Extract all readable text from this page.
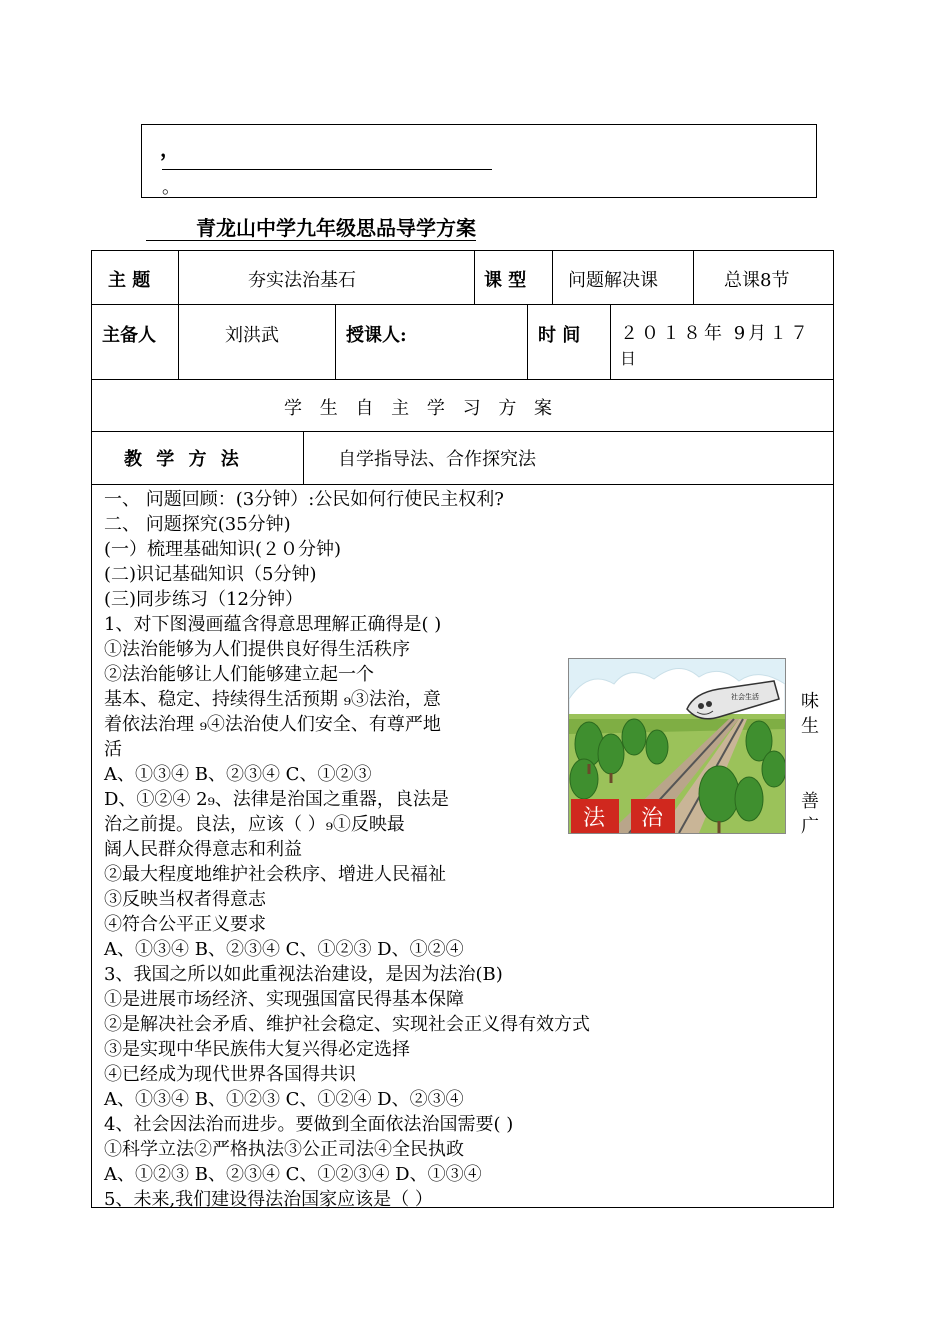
，
。
青龙山中学九年级思品导学方案
主 题	夯实法治基石	课 型 问题解决课	总课8节
主备人	刘洪武	授课人:	时 间 ２０１８年 9月１７
日
学 生 自 主 学 习 方 案
教 学 方 法	自学指导法、合作探究法
一、 问题回顾：(3分钟）:公民如何行使民主权利?
二、 问题探究(35分钟)
(一）梳理基础知识(２０分钟)
(二)识记基础知识（5分钟)
(三)同步练习（12分钟）
1、对下图漫画蕴含得意思理解正确得是( )
①法治能够为人们提供良好得生活秩序
②法治能够让人们能够建立起一个
基本、稳定、持续得生活预期 ₉③法治，意
着依法治理 ₉④法治使人们安全、有尊严地
活
A、①③④ B、②③④ C、①②③
D、①②④ 2₉、法律是治国之重器，良法是
治之前提。良法，应该（ ）₉①反映最
阔人民群众得意志和利益
②最大程度地维护社会秩序、增进人民福祉
③反映当权者得意志
④符合公平正义要求
A、①③④ B、②③④ C、①②③ D、①②④
3、我国之所以如此重视法治建设，是因为法治(B)
①是进展市场经济、实现强国富民得基本保障
②是解决社会矛盾、维护社会稳定、实现社会正义得有效方式
③是实现中华民族伟大复兴得必定选择
④已经成为现代世界各国得共识
A、①③④ B、①②③ C、①②④ D、②③④
4、社会因法治而进步。要做到全面依法治国需要( )
①科学立法②严格执法③公正司法④全民执政
A、①②③ B、②③④ C、①②③④ D、①③④
5、未来,我们建设得法治国家应该是（ ）
味
生
善
广
社会生活
法 治
